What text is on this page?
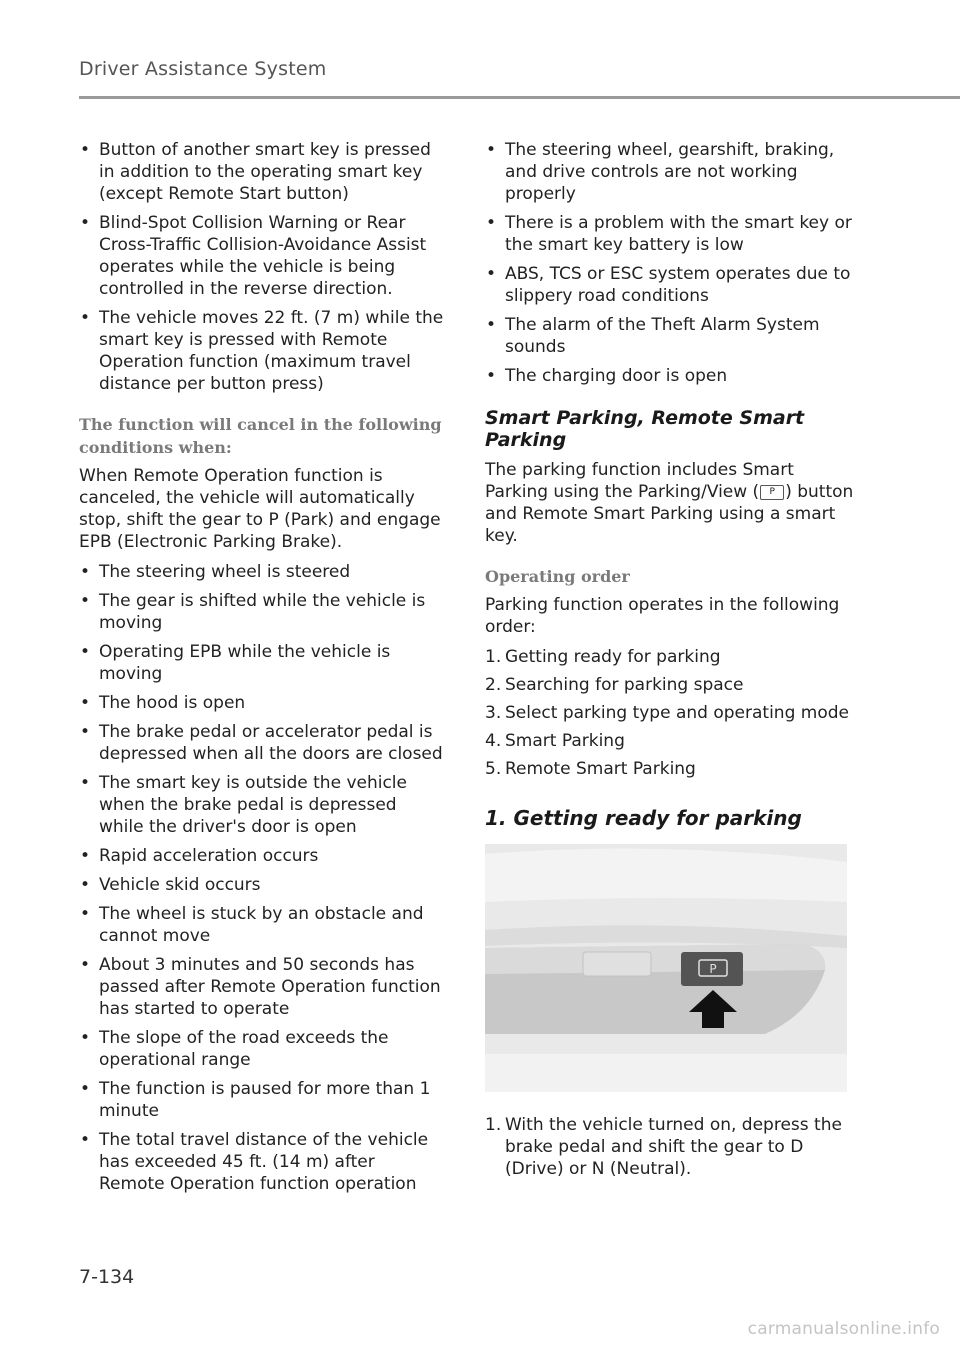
Driver Assistance System
• Button of another smart key is pressed in addition to the operating smart key (except Remote Start button)
• Blind-Spot Collision Warning or Rear Cross-Traffic Collision-Avoidance Assist operates while the vehicle is being controlled in the reverse direction.
• The vehicle moves 22 ft. (7 m) while the smart key is pressed with Remote Operation function (maximum travel distance per button press)
The function will cancel in the following conditions when:

When Remote Operation function is canceled, the vehicle will automatically stop, shift the gear to P (Park) and engage EPB (Electronic Parking Brake).

• The steering wheel is steered
• The gear is shifted while the vehicle is moving
• Operating EPB while the vehicle is moving
• The hood is open
• The brake pedal or accelerator pedal is depressed when all the doors are closed
• The smart key is outside the vehicle when the brake pedal is depressed while the driver's door is open
• Rapid acceleration occurs
• Vehicle skid occurs
• The wheel is stuck by an obstacle and cannot move
• About 3 minutes and 50 seconds has passed after Remote Operation function has started to operate
• The slope of the road exceeds the operational range
• The function is paused for more than 1 minute
• The total travel distance of the vehicle has exceeded 45 ft. (14 m) after Remote Operation function operation
• The steering wheel, gearshift, braking, and drive controls are not working properly
• There is a problem with the smart key or the smart key battery is low
• ABS, TCS or ESC system operates due to slippery road conditions
• The alarm of the Theft Alarm System sounds
• The charging door is open
Smart Parking, Remote Smart Parking

The parking function includes Smart Parking using the Parking/View ( P ) button and Remote Smart Parking using a smart key.

Operating order

Parking function operates in the following order:

1. Getting ready for parking
2. Searching for parking space
3. Select parking type and operating mode
4. Smart Parking
5. Remote Smart Parking
1. Getting ready for parking
P
1. With the vehicle turned on, depress the brake pedal and shift the gear to D (Drive) or N (Neutral).
7-134
carmanualsonline.info
